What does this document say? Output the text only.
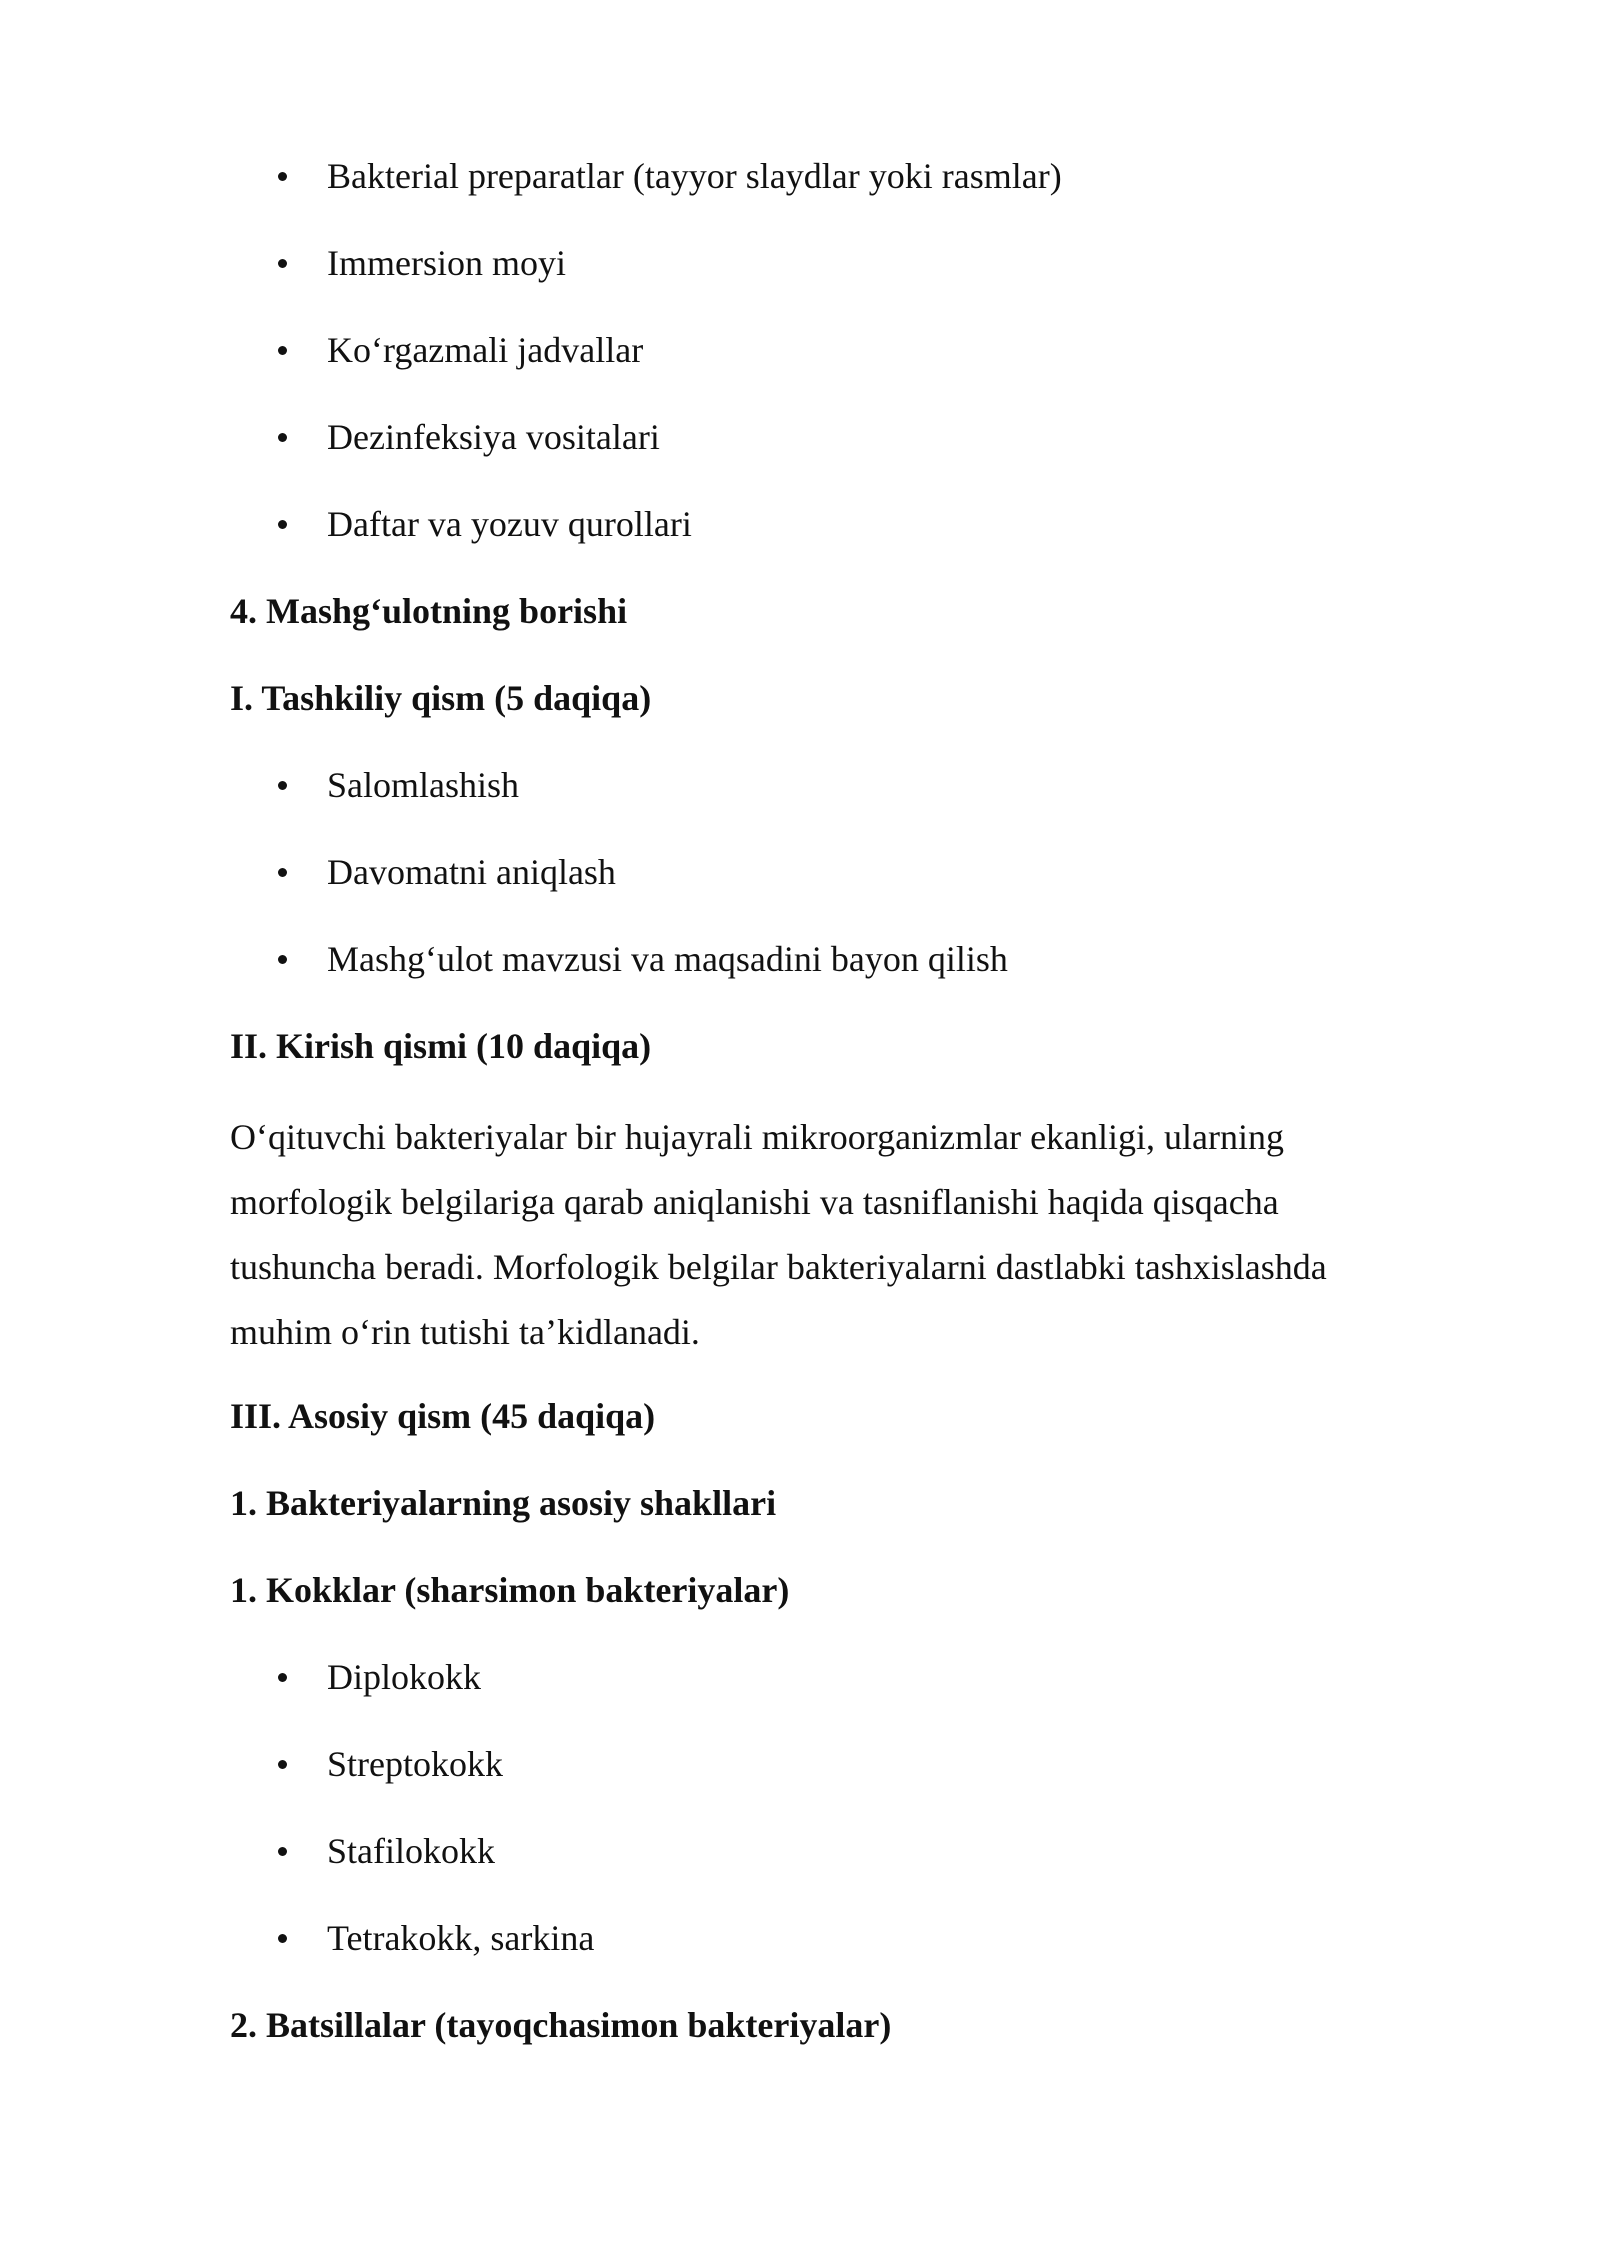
Bakterial preparatlar (tayyor slaydlar yoki rasmlar)
Immersion moyi
Ko‘rgazmali jadvallar
Dezinfeksiya vositalari
Daftar va yozuv qurollari
4. Mashg‘ulotning borishi
I. Tashkiliy qism (5 daqiqa)
Salomlashish
Davomatni aniqlash
Mashg‘ulot mavzusi va maqsadini bayon qilish
II. Kirish qismi (10 daqiqa)
O‘qituvchi bakteriyalar bir hujayrali mikroorganizmlar ekanligi, ularning
morfologik belgilariga qarab aniqlanishi va tasniflanishi haqida qisqacha
tushuncha beradi. Morfologik belgilar bakteriyalarni dastlabki tashxislashda
muhim o‘rin tutishi ta’kidlanadi.
III. Asosiy qism (45 daqiqa)
1. Bakteriyalarning asosiy shakllari
1. Kokklar (sharsimon bakteriyalar)
Diplokokk
Streptokokk
Stafilokokk
Tetrakokk, sarkina
2. Batsillalar (tayoqchasimon bakteriyalar)
